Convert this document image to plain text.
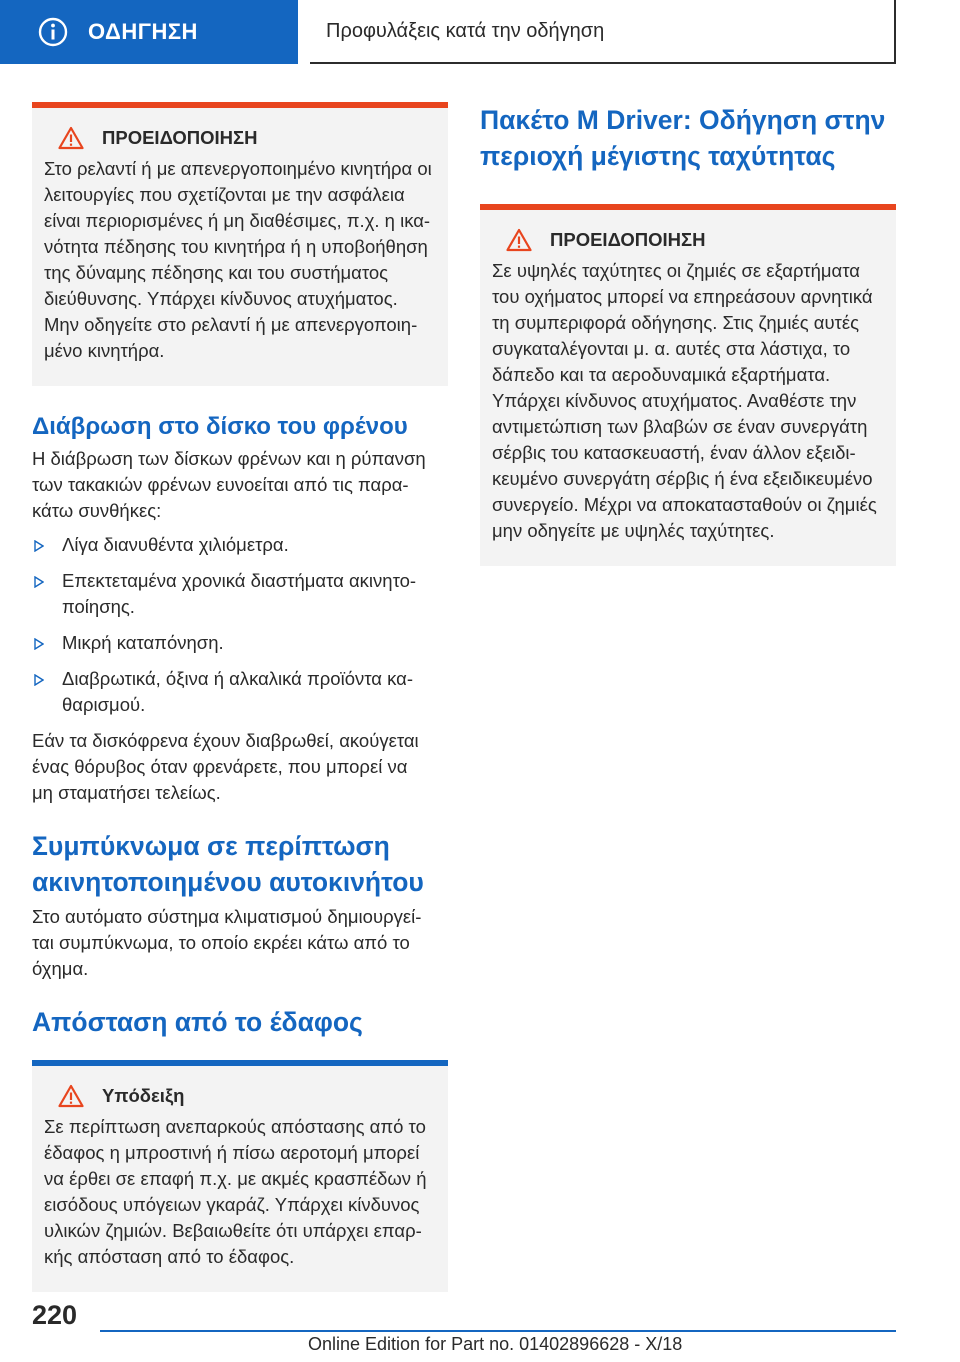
ΟΔΗΓΗΣΗ	Προφυλάξεις κατά την οδήγηση
ΠΡΟΕΙΔΟΠΟΙΗΣΗ
Στο ρελαντί ή με απενεργοποιημένο κινητήρα οι
λειτουργίες που σχετίζονται με την ασφάλεια
είναι περιορισμένες ή μη διαθέσιμες, π.χ. η ικα-
νότητα πέδησης του κινητήρα ή η υποβοήθηση
της δύναμης πέδησης και του συστήματος
διεύθυνσης. Υπάρχει κίνδυνος ατυχήματος.
Μην οδηγείτε στο ρελαντί ή με απενεργοποιη-
μένο κινητήρα.
Διάβρωση στο δίσκο του φρένου
Η διάβρωση των δίσκων φρένων και η ρύπανση
των τακακιών φρένων ευνοείται από τις παρα-
κάτω συνθήκες:
Λίγα διανυθέντα χιλιόμετρα.
Επεκτεταμένα χρονικά διαστήματα ακινητο-
ποίησης.
Μικρή καταπόνηση.
Διαβρωτικά, όξινα ή αλκαλικά προϊόντα κα-
θαρισμού.
Εάν τα δισκόφρενα έχουν διαβρωθεί, ακούγεται
ένας θόρυβος όταν φρενάρετε, που μπορεί να
μη σταματήσει τελείως.
Συμπύκνωμα σε περίπτωση
ακινητοποιημένου αυτοκινήτου
Στο αυτόματο σύστημα κλιματισμού δημιουργεί-
ται συμπύκνωμα, το οποίο εκρέει κάτω από το
όχημα.
Απόσταση από το έδαφος
Υπόδειξη
Σε περίπτωση ανεπαρκούς απόστασης από το
έδαφος η μπροστινή ή πίσω αεροτομή μπορεί
να έρθει σε επαφή π.χ. με ακμές κρασπέδων ή
εισόδους υπόγειων γκαράζ. Υπάρχει κίνδυνος
υλικών ζημιών. Βεβαιωθείτε ότι υπάρχει επαρ-
κής απόσταση από το έδαφος.
Πακέτο M Driver: Οδήγηση στην
περιοχή μέγιστης ταχύτητας
ΠΡΟΕΙΔΟΠΟΙΗΣΗ
Σε υψηλές ταχύτητες οι ζημιές σε εξαρτήματα
του οχήματος μπορεί να επηρεάσουν αρνητικά
τη συμπεριφορά οδήγησης. Στις ζημιές αυτές
συγκαταλέγονται μ. α. αυτές στα λάστιχα, το
δάπεδο και τα αεροδυναμικά εξαρτήματα.
Υπάρχει κίνδυνος ατυχήματος. Αναθέστε την
αντιμετώπιση των βλαβών σε έναν συνεργάτη
σέρβις του κατασκευαστή, έναν άλλον εξειδι-
κευμένο συνεργάτη σέρβις ή ένα εξειδικευμένο
συνεργείο. Μέχρι να αποκατασταθούν οι ζημιές
μην οδηγείτε με υψηλές ταχύτητες.
220
Online Edition for Part no. 01402896628 - X/18
